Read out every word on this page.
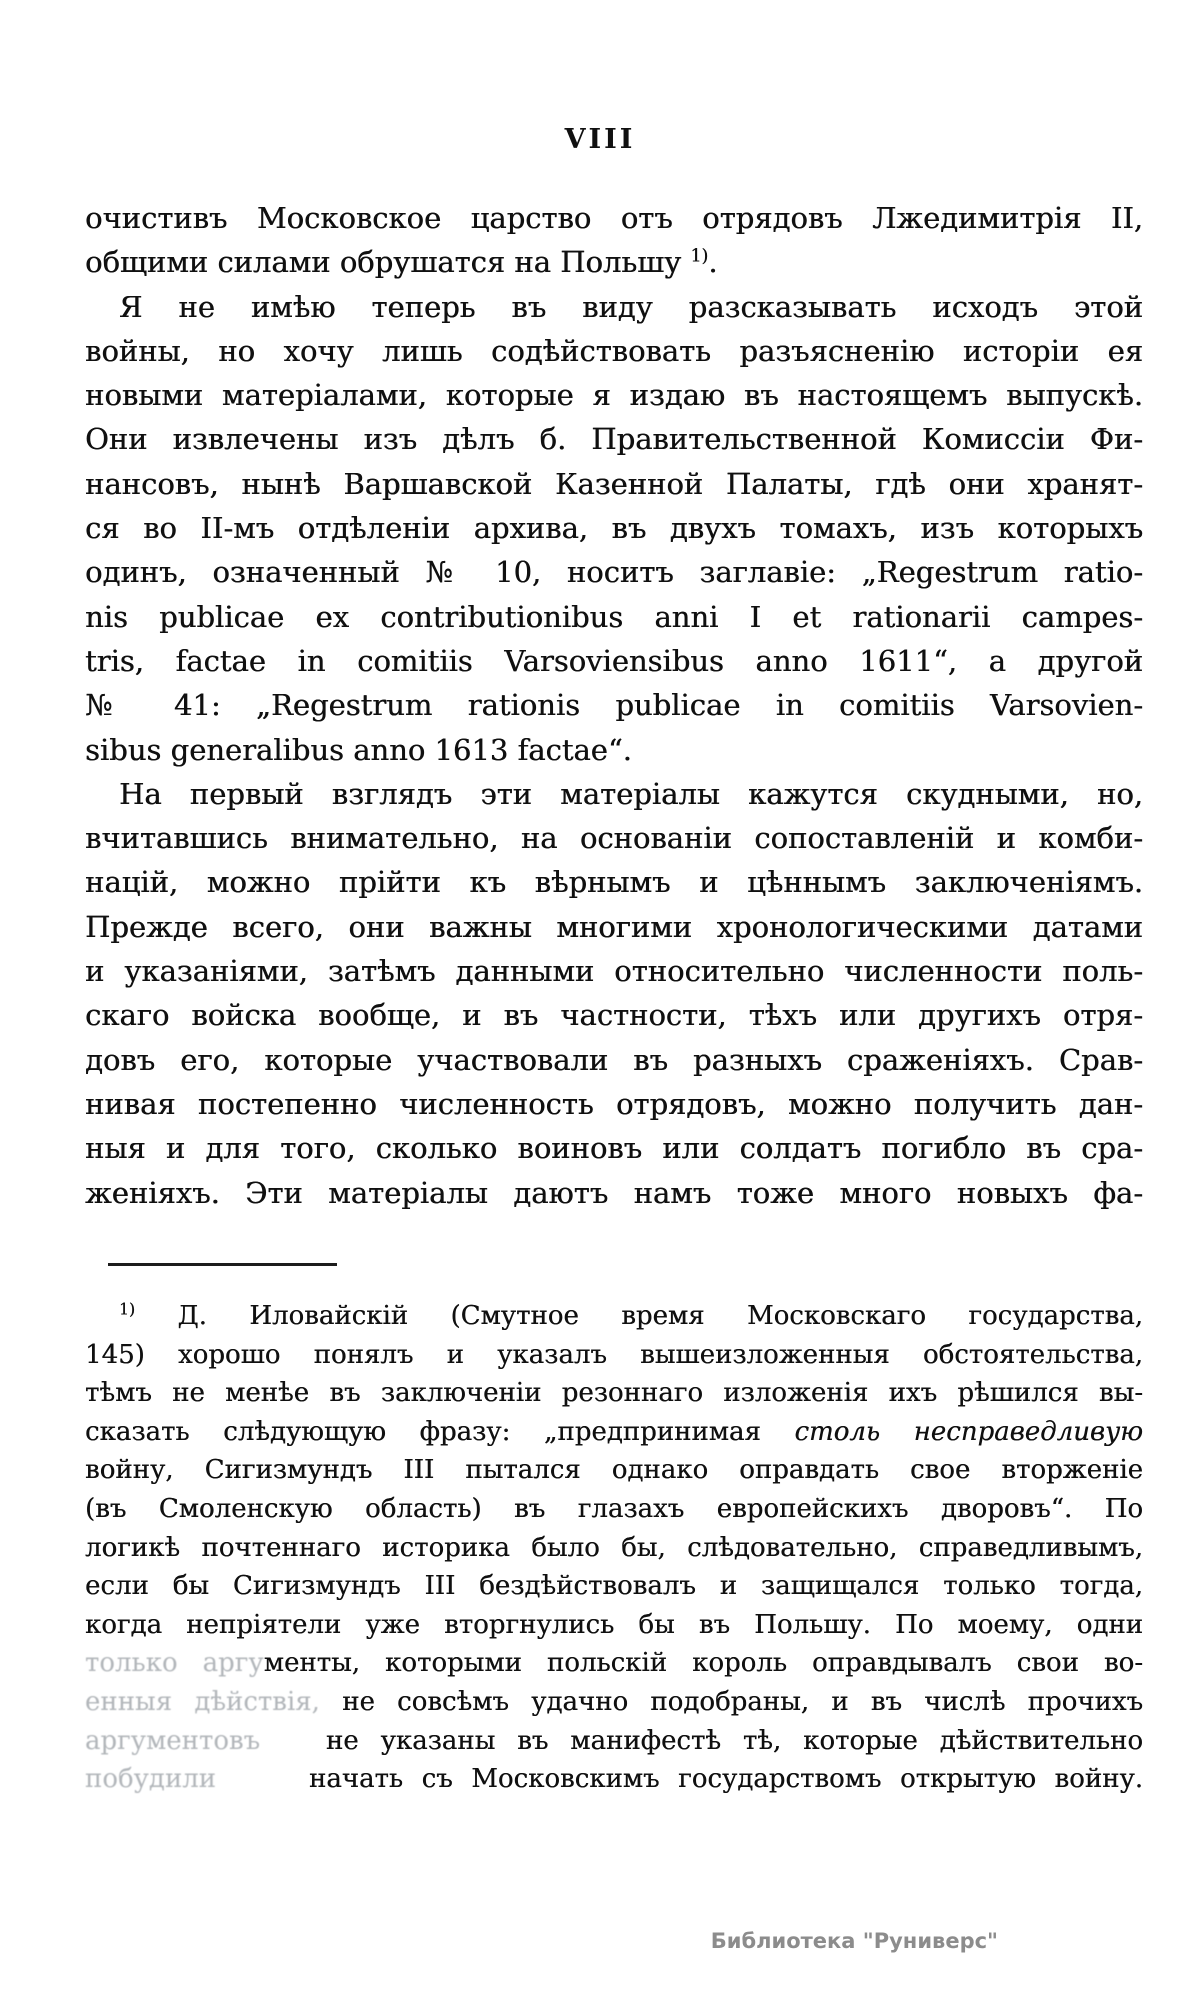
VIII
очистивъ Московское царство отъ отрядовъ Лжедимитрія II,
общими силами обрушатся на Польшу $^{1)}$.
Я не имѣю теперь въ виду разсказывать исходъ этой
войны, но хочу лишь содѣйствовать разъясненію исторіи ея
новыми матеріалами, которые я издаю въ настоящемъ выпускѣ.
Они извлечены изъ дѣлъ б. Правительственной Комиссіи Фи-
нансовъ, нынѣ Варшавской Казенной Палаты, гдѣ они хранят-
ся во II-мъ отдѣленіи архива, въ двухъ томахъ, изъ которыхъ
одинъ, означенный № 10, носитъ заглавіе: „Regestrum ratio-
nis publicae ex contributionibus anni I et rationarii campes-
tris, factae in comitiis Varsoviensibus anno 1611“, а другой
№ 41: „Regestrum rationis publicae in comitiis Varsovien-
sibus generalibus anno 1613 factae“.
На первый взглядъ эти матеріалы кажутся скудными, но,
вчитавшись внимательно, на основаніи сопоставленій и комби-
націй, можно прійти къ вѣрнымъ и цѣннымъ заключеніямъ.
Прежде всего, они важны многими хронологическими датами
и указаніями, затѣмъ данными относительно численности поль-
скаго войска вообще, и въ частности, тѣхъ или другихъ отря-
довъ его, которые участвовали въ разныхъ сраженіяхъ. Срав-
нивая постепенно численность отрядовъ, можно получить дан-
ныя и для того, сколько воиновъ или солдатъ погибло въ сра-
женіяхъ. Эти матеріалы даютъ намъ тоже много новыхъ фа-
$^{1)}$ Д. Иловайскій (Смутное время Московскаго государства,
145) хорошо понялъ и указалъ вышеизложенныя обстоятельства,
тѣмъ не менѣе въ заключеніи резоннаго изложенія ихъ рѣшился вы-
сказать слѣдующую фразу: „предпринимая столь несправедливую
войну, Сигизмундъ III пытался однако оправдать свое вторженіе
(въ Смоленскую область) въ глазахъ европейскихъ дворовъ“. По
логикѣ почтеннаго историка было бы, слѣдовательно, справедливымъ,
если бы Сигизмундъ III бездѣйствовалъ и защищался только тогда,
когда непріятели уже вторгнулись бы въ Польшу. По моему, одни
только аргументы, которыми польскій король оправдывалъ свои во-
енныя дѣйствія, не совсѣмъ удачно подобраны, и въ числѣ прочихъ
аргументовъ   не указаны въ манифестѣ тѣ, которые дѣйствительно
побудили     начать съ Московскимъ государствомъ открытую войну.
Библиотека "Руниверс"
